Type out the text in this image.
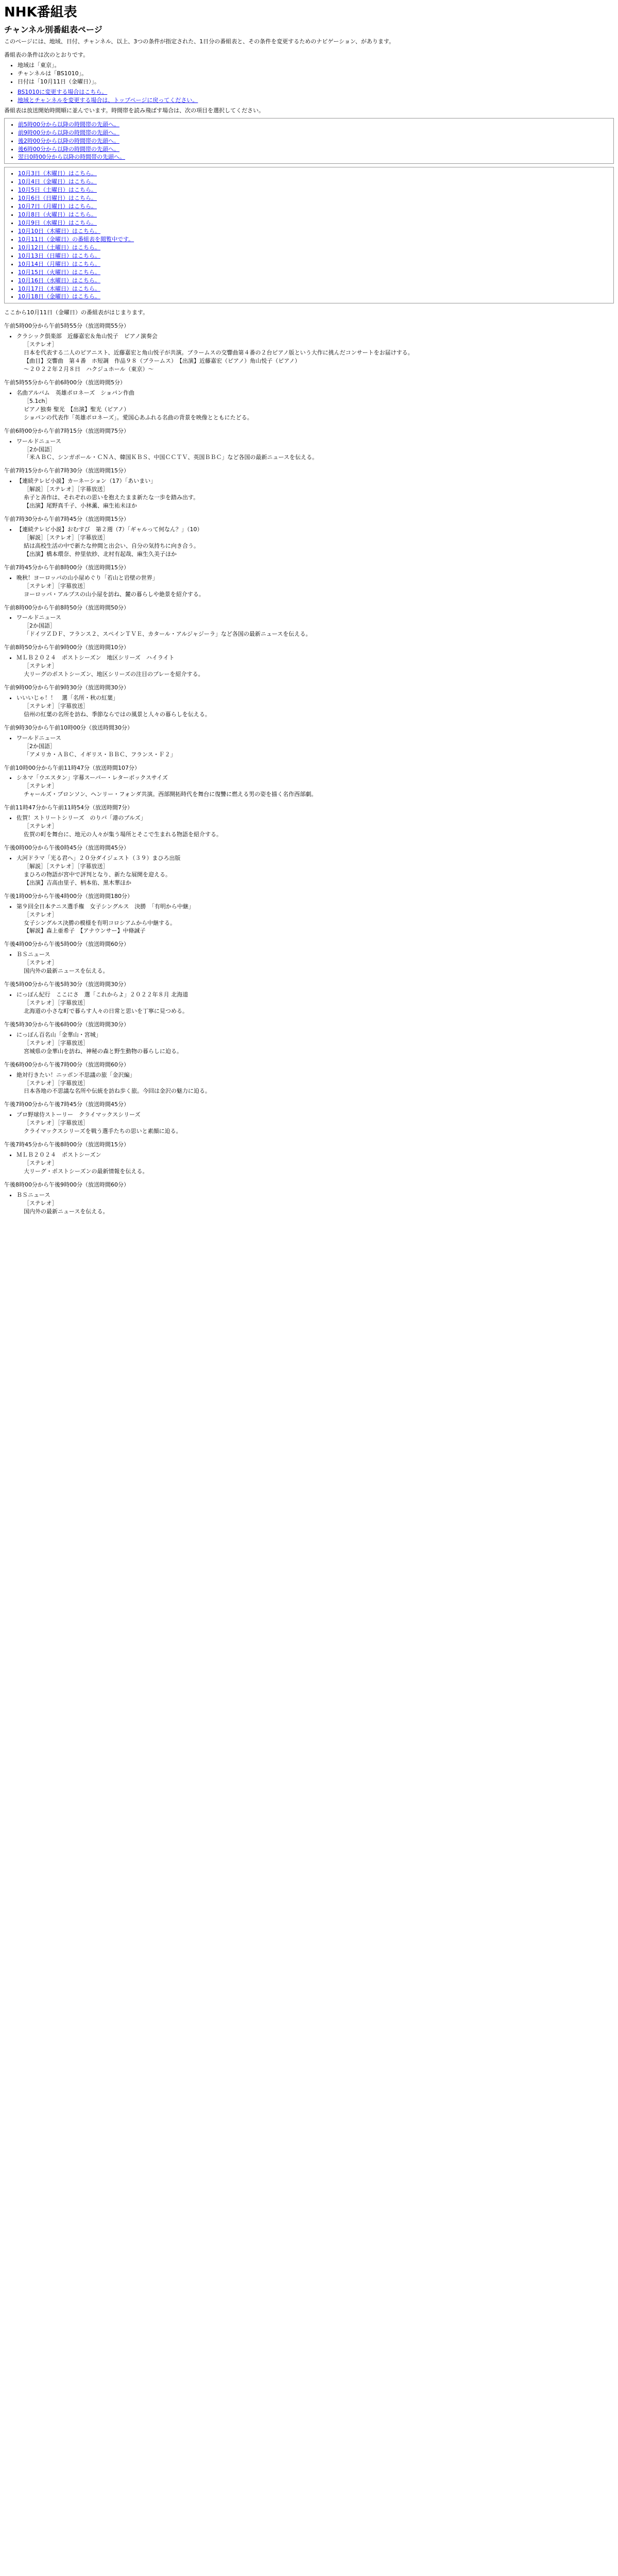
NHK番組表
チャンネル別番組表ページ

このページには、地域、日付、チャンネル、以上、3つの条件が指定された、1日分の番組表と、その条件を変更するためのナビゲーション、があります。

番組表の条件は次のとおりです。

• 地域は「東京」。
• チャンネルは「BS1010」。
• 日付は「10月11日（金曜日）」。
• BS1010に変更する場合はこちら。
• 地域とチャンネルを変更する場合は、トップページに戻ってください。

番組表は放送開始時間順に並んでいます。時間帯を読み飛ばす場合は、次の項目を選択してください。

• 前5時00分から以降の時間帯の先頭へ。
• 前9時00分から以降の時間帯の先頭へ。
• 後2時00分から以降の時間帯の先頭へ。
• 後6時00分から以降の時間帯の先頭へ。
• 翌日0時00分から以降の時間帯の先頭へ。
• 10月3日（木曜日）はこちら。
• 10月4日（金曜日）はこちら。
• 10月5日（土曜日）はこちら。
• 10月6日（日曜日）はこちら。
• 10月7日（月曜日）はこちら。
• 10月8日（火曜日）はこちら。
• 10月9日（水曜日）はこちら。
• 10月10日（木曜日）はこちら。
• 10月11日（金曜日）の番組表を閲覧中です。
• 10月12日（土曜日）はこちら。
• 10月13日（日曜日）はこちら。
• 10月14日（月曜日）はこちら。
• 10月15日（火曜日）はこちら。
• 10月16日（水曜日）はこちら。
• 10月17日（木曜日）はこちら。
• 10月18日（金曜日）はこちら。

ここから10月11日（金曜日）の番組表がはじまります。

午前5時00分から午前5時55分（放送時間55分）

• クラシック倶楽部　近藤嘉宏＆角山悦子　ピアノ演奏会
［ステレオ］
日本を代表する二人のピアニスト、近藤嘉宏と角山悦子が共演。ブラームスの交響曲第４番の２台ピアノ版という大作に挑んだコンサートをお届けする。
【曲目】交響曲　第４番　ホ短調　作品９８（ブラームス）　【出演】近藤嘉宏（ピアノ）角山悦子（ピアノ）
〜２０２２年２月８日　ハクジュホール（東京）〜

午前5時55分から午前6時00分（放送時間5分）

• 名曲アルバム　英雄ポロネーズ　ショパン作曲
［5.1ch］
ピアノ独奏 聖光　【出演】聖光（ピアノ）
ショパンの代表作「英雄ポロネーズ」。愛国心あふれる名曲の背景を映像とともにたどる。

午前6時00分から午前7時15分（放送時間75分）

• ワールドニュース
［2か国語］
「米ＡＢＣ、シンガポール・ＣＮＡ、韓国ＫＢＳ、中国ＣＣＴＶ、英国ＢＢＣ」など各国の最新ニュースを伝える。

午前7時15分から午前7時30分（放送時間15分）

• 【連続テレビ小説】カーネーション（17）「あいまい」
［解説］［ステレオ］［字幕放送］
糸子と善作は、それぞれの思いを抱えたまま新たな一歩を踏み出す。
【出演】尾野真千子、小林薫、麻生祐未ほか

午前7時30分から午前7時45分（放送時間15分）

• 【連続テレビ小説】おむすび　第２週（7）「ギャルって何なん？」（10）
［解説］［ステレオ］［字幕放送］
結は高校生活の中で新たな仲間と出会い、自分の気持ちに向き合う。
【出演】橋本環奈、仲里依紗、北村有起哉、麻生久美子ほか

午前7時45分から午前8時00分（放送時間15分）

• 晩秋！ヨーロッパの山小屋めぐり「若山と岩壁の世界」
［ステレオ］［字幕放送］
ヨーロッパ・アルプスの山小屋を訪ね、麓の暮らしや絶景を紹介する。

午前8時00分から午前8時50分（放送時間50分）

• ワールドニュース
［2か国語］
「ドイツＺＤＦ、フランス２、スペインＴＶＥ、カタール・アルジャジーラ」など各国の最新ニュースを伝える。

午前8時50分から午前9時00分（放送時間10分）

• ＭＬＢ２０２４　ポストシーズン　地区シリーズ　ハイライト
［ステレオ］
大リーグのポストシーズン、地区シリーズの注目のプレーを紹介する。

午前9時00分から午前9時30分（放送時間30分）

• いいいじゃ！！　選「名所・秋の紅葉」
［ステレオ］［字幕放送］
信州の紅葉の名所を訪ね、季節ならではの風景と人々の暮らしを伝える。

午前9時30分から午前10時00分（放送時間30分）

• ワールドニュース
［2か国語］
「アメリカ・ＡＢＣ、イギリス・ＢＢＣ、フランス・Ｆ２」

午前10時00分から午前11時47分（放送時間107分）

• シネマ「ウエスタン」字幕スーパー・レターボックスサイズ
［ステレオ］
チャールズ・ブロンソン、ヘンリー・フォンダ共演。西部開拓時代を舞台に復讐に燃える男の姿を描く名作西部劇。

午前11時47分から午前11時54分（放送時間7分）

• 佐賀！ストリートシリーズ　のりバ「港のブルズ」
［ステレオ］
佐賀の町を舞台に、地元の人々が集う場所とそこで生まれる物語を紹介する。

午後0時00分から午後0時45分（放送時間45分）

• 大河ドラマ「光る君へ」２０分ダイジェスト（３９）まひろ出版
［解説］［ステレオ］［字幕放送］
まひろの物語が宮中で評判となり、新たな展開を迎える。
【出演】吉高由里子、柄本佑、黒木華ほか

午後1時00分から午後4時00分（放送時間180分）

• 第９回全日本テニス選手権　女子シングルス　決勝　「有明から中継」
［ステレオ］
女子シングルス決勝の模様を有明コロシアムから中継する。
【解説】森上亜希子　【アナウンサー】中條誠子

午後4時00分から午後5時00分（放送時間60分）

• ＢＳニュース
［ステレオ］
国内外の最新ニュースを伝える。

午後5時00分から午後5時30分（放送時間30分）

• にっぽん紀行　ここにさ　選「これからよ」２０２２年８月 北海道
［ステレオ］［字幕放送］
北海道の小さな町で暮らす人々の日常と思いを丁寧に見つめる。

午後5時30分から午後6時00分（放送時間30分）

• にっぽん百名山「金華山・宮城」
［ステレオ］［字幕放送］
宮城県の金華山を訪ね、神秘の森と野生動物の暮らしに迫る。

午後6時00分から午後7時00分（放送時間60分）

• 絶対行きたい！ニッポン不思議の旅「金沢編」
［ステレオ］［字幕放送］
日本各地の不思議な名所や伝統を訪ね歩く旅。今回は金沢の魅力に迫る。

午後7時00分から午後7時45分（放送時間45分）

• プロ野球侍ストーリー　クライマックスシリーズ
［ステレオ］［字幕放送］
クライマックスシリーズを戦う選手たちの思いと素顔に迫る。

午後7時45分から午後8時00分（放送時間15分）

• ＭＬＢ２０２４　ポストシーズン
［ステレオ］
大リーグ・ポストシーズンの最新情報を伝える。

午後8時00分から午後9時00分（放送時間60分）

• ＢＳニュース
［ステレオ］
国内外の最新ニュースを伝える。
